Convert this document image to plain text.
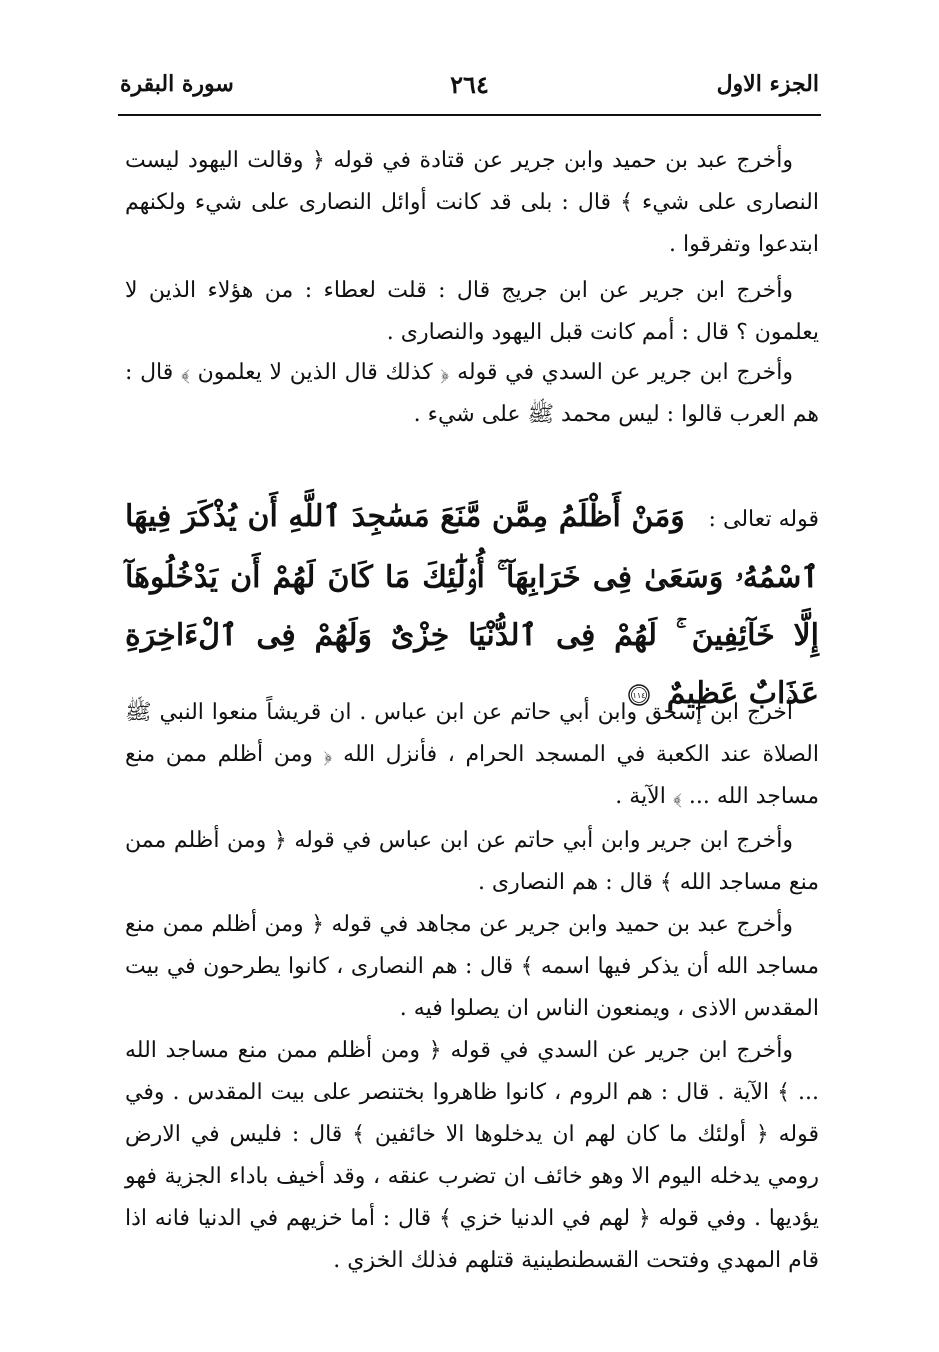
الجزء الاول
٢٦٤
سورة البقرة

وأخرج عبد بن حميد وابن جرير عن قتادة في قوله ﴿ وقالت اليهود ليست النصارى على شيء ﴾ قال : بلى قد كانت أوائل النصارى على شيء ولكنهم ابتدعوا وتفرقوا .

وأخرج ابن جرير عن ابن جريج قال : قلت لعطاء : من هؤلاء الذين لا يعلمون ؟ قال : أمم كانت قبل اليهود والنصارى .

وأخرج ابن جرير عن السدي في قوله ﴿ كذلك قال الذين لا يعلمون ﴾ قال : هم العرب قالوا : ليس محمد ﷺ على شيء .

قوله تعالى : وَمَنْ أَظْلَمُ مِمَّن مَّنَعَ مَسَٰجِدَ ٱللَّهِ أَن يُذْكَرَ فِيهَا ٱسْمُهُۥ وَسَعَىٰ فِى خَرَابِهَآ ۚ أُو۟لَٰٓئِكَ مَا كَانَ لَهُمْ أَن يَدْخُلُوهَآ إِلَّا خَآئِفِينَ ۚ لَهُمْ فِى ٱلدُّنْيَا خِزْىٌ وَلَهُمْ فِى ٱلْءَاخِرَةِ عَذَابٌ عَظِيمٌ
١١٤

أخرج ابن إسحق وابن أبي حاتم عن ابن عباس . ان قريشاً منعوا النبي ﷺ الصلاة عند الكعبة في المسجد الحرام ، فأنزل الله ﴿ ومن أظلم ممن منع مساجد الله ... ﴾ الآية .

وأخرج ابن جرير وابن أبي حاتم عن ابن عباس في قوله ﴿ ومن أظلم ممن منع مساجد الله ﴾ قال : هم النصارى .

وأخرج عبد بن حميد وابن جرير عن مجاهد في قوله ﴿ ومن أظلم ممن منع مساجد الله أن يذكر فيها اسمه ﴾ قال : هم النصارى ، كانوا يطرحون في بيت المقدس الاذى ، ويمنعون الناس ان يصلوا فيه .

وأخرج ابن جرير عن السدي في قوله ﴿ ومن أظلم ممن منع مساجد الله ... ﴾ الآية . قال : هم الروم ، كانوا ظاهروا بختنصر على بيت المقدس . وفي قوله ﴿ أولئك ما كان لهم ان يدخلوها الا خائفين ﴾ قال : فليس في الارض رومي يدخله اليوم الا وهو خائف ان تضرب عنقه ، وقد أخيف باداء الجزية فهو يؤديها . وفي قوله ﴿ لهم في الدنيا خزي ﴾ قال : أما خزيهم في الدنيا فانه اذا قام المهدي وفتحت القسطنطينية قتلهم فذلك الخزي .
